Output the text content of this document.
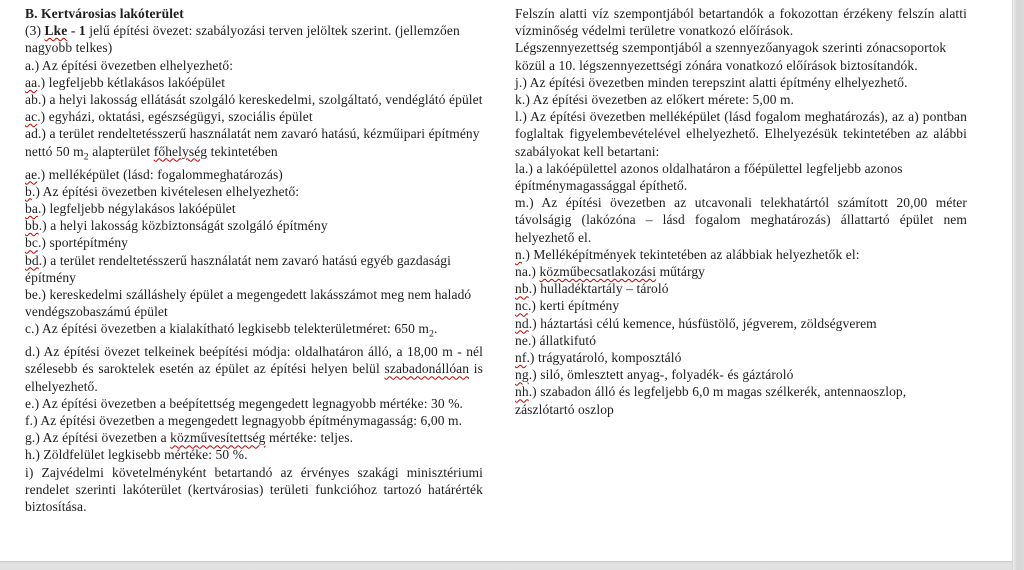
B. Kertvárosias lakóterület

(3) Lke - 1 jelű építési övezet: szabályozási terven jelöltek szerint. (jellemzően nagyobb telkes)

a.) Az építési övezetben elhelyezhető:

aa.) legfeljebb kétlakásos lakóépület

ab.) a helyi lakosság ellátását szolgáló kereskedelmi, szolgáltató, vendéglátó épület

ac.) egyházi, oktatási, egészségügyi, szociális épület

ad.) a terület rendeltetésszerű használatát nem zavaró hatású, kézműipari építmény nettó 50 $m_2$ alapterület főhelység tekintetében

ae.) melléképület (lásd: fogalommeghatározás)

b.) Az építési övezetben kivételesen elhelyezhető:

ba.) legfeljebb négylakásos lakóépület

bb.) a helyi lakosság közbiztonságát szolgáló építmény

bc.) sportépítmény

bd.) a terület rendeltetésszerű használatát nem zavaró hatású egyéb gazdasági építmény

be.) kereskedelmi szálláshely épület a megengedett lakásszámot meg nem haladó vendégszobaszámú épület

c.) Az építési övezetben a kialakítható legkisebb telekterületméret: 650 $m_2$.

d.) Az építési övezet telkeinek beépítési módja: oldalhatáron álló, a 18,00 m - nél szélesebb és saroktelek esetén az épület az építési helyen belül szabadonállóan is elhelyezhető.

e.) Az építési övezetben a beépítettség megengedett legnagyobb mértéke: 30 %.

f.) Az építési övezetben a megengedett legnagyobb építménymagasság: 6,00 m.

g.) Az építési övezetben a közművesítettség mértéke: teljes.

h.) Zöldfelület legkisebb mértéke: 50 %.

i) Zajvédelmi követelményként betartandó az érvényes szakági minisztériumi rendelet szerinti lakóterület (kertvárosias) területi funkcióhoz tartozó határérték biztosítása.

Felszín alatti víz szempontjából betartandók a fokozottan érzékeny felszín alatti vízminőség védelmi területre vonatkozó előírások.

Légszennyezettség szempontjából a szennyezőanyagok szerinti zónacsoportok közül a 10. légszennyezettségi zónára vonatkozó előírások biztosítandók.

j.) Az építési övezetben minden terepszint alatti építmény elhelyezhető.

k.) Az építési övezetben az előkert mérete: 5,00 m.

l.) Az építési övezetben melléképület (lásd fogalom meghatározás), az a) pontban foglaltak figyelembevételével elhelyezhető. Elhelyezésük tekintetében az alábbi szabályokat kell betartani:

la.) a lakóépülettel azonos oldalhatáron a főépülettel legfeljebb azonos építménymagassággal építhető.

m.) Az építési övezetben az utcavonali telekhatártól számított 20,00 méter távolságig (lakózóna – lásd fogalom meghatározás) állattartó épület nem helyezhető el.

n.) Melléképítmények tekintetében az alábbiak helyezhetők el:

na.) közműbecsatlakozási műtárgy

nb.) hulladéktartály – tároló

nc.) kerti építmény

nd.) háztartási célú kemence, húsfüstölő, jégverem, zöldségverem

ne.) állatkifutó

nf.) trágyatároló, komposztáló

ng.) siló, ömlesztett anyag-, folyadék- és gáztároló

nh.) szabadon álló és legfeljebb 6,0 m magas szélkerék, antennaoszlop, zászlótartó oszlop
